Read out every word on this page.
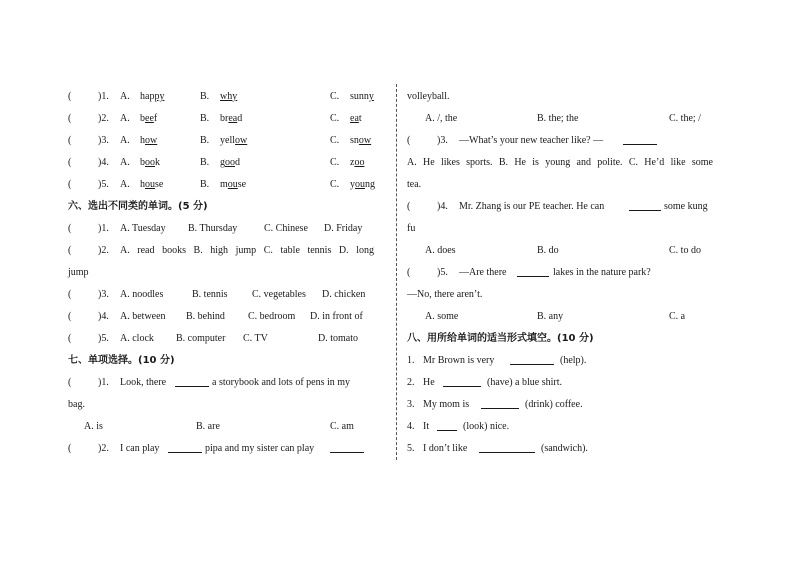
(	)1. A. happy	B. why	C. sunny
(	)2. A. beef	B. bread	C. eat
(	)3. A. how	B. yellow	C. snow
(	)4. A. book	B. good	C. zoo
(	)5. A. house	B. mouse	C. young
六、选出不同类的单词。(5 分)
(	)1. A. Tuesday B. Thursday	C. Chinese D. Friday
(	)2. A. read books B. high jump C. table tennis D. long
jump
(	)3. A. noodles	B. tennis C. vegetables D. chicken
(	)4. A. between B. behind C. bedroom D. in front of
(	)5. A. clock B. computer C. TV	D. tomato
七、单项选择。(10 分)
(	)1. Look, there	a storybook and lots of pens in my
bag.
A. is	B. are	C. am
(	)2. I can play	pipa and my sister can play
volleyball.
A. /, the	B. the; the	C. the; /
(	)3. —What’s your new teacher like? —
A. He likes sports. B. He is young and polite. C. He’d like some
tea.
(	)4. Mr. Zhang is our PE teacher. He can	some kung
fu
A. does	B. do	C. to do
(	)5. —Are there	lakes in the nature park?
—No, there aren’t.
A. some	B. any	C. a
八、用所给单词的适当形式填空。(10 分)
1. Mr Brown is very	(help).
2. He	(have) a blue shirt.
3. My mom is	(drink) coffee.
4. It	(look) nice.
5. I don’t like	(sandwich).
